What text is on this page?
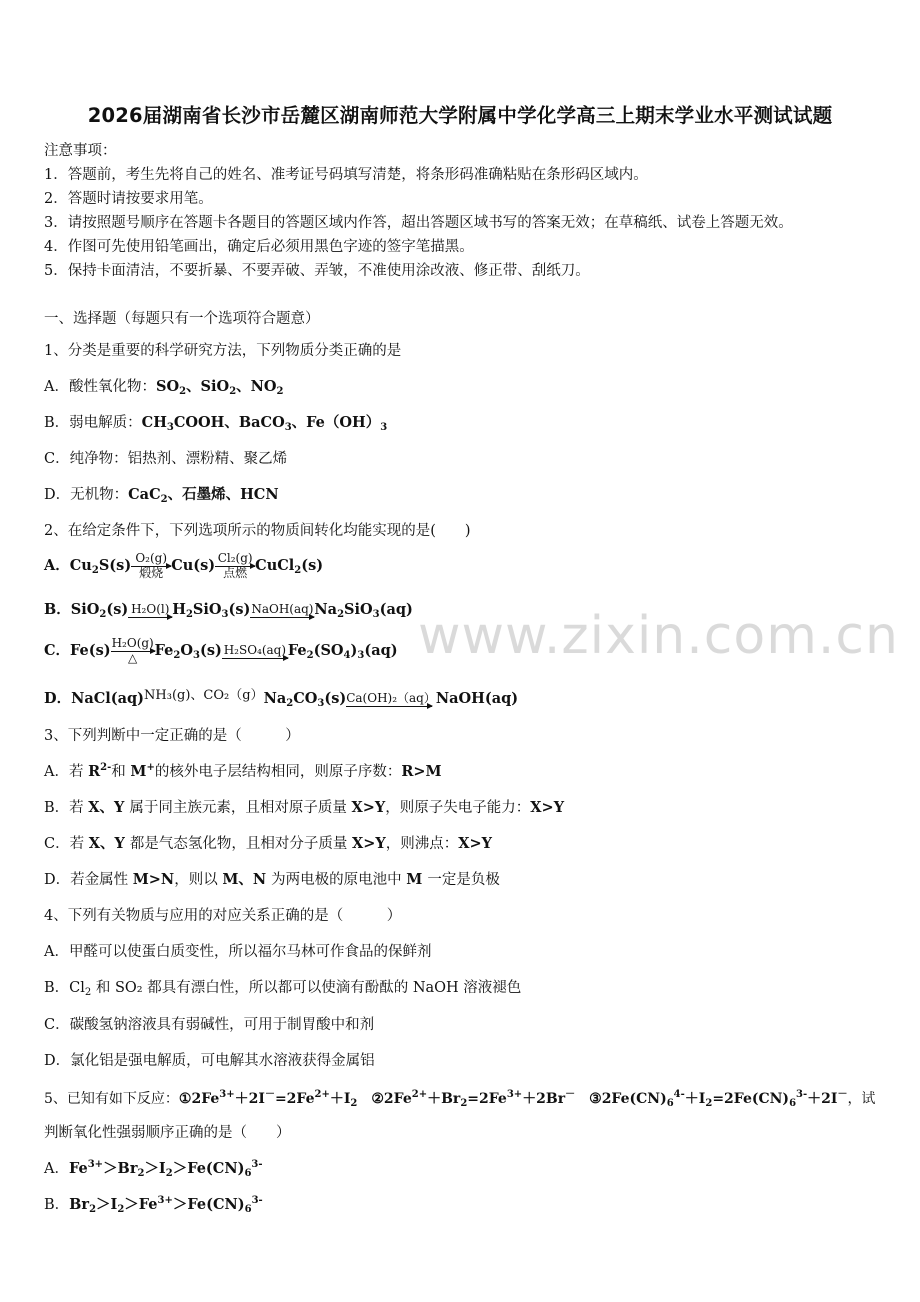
2026届湖南省长沙市岳麓区湖南师范大学附属中学化学高三上期末学业水平测试试题
注意事项：
1．答题前，考生先将自己的姓名、准考证号码填写清楚，将条形码准确粘贴在条形码区域内。
2．答题时请按要求用笔。
3．请按照题号顺序在答题卡各题目的答题区域内作答，超出答题区域书写的答案无效；在草稿纸、试卷上答题无效。
4．作图可先使用铅笔画出，确定后必须用黑色字迹的签字笔描黑。
5．保持卡面清洁，不要折暴、不要弄破、弄皱，不准使用涂改液、修正带、刮纸刀。
一、选择题（每题只有一个选项符合题意）
1、分类是重要的科学研究方法，下列物质分类正确的是
A．酸性氧化物：$SO_2$、SiO$_2$、$NO_2$
B．弱电解质：$CH_3COOH$、BaCO$_3$、$Fe(OH)_3$
C．纯净物：铝热剂、漂粉精、聚乙烯
D．无机物：CaC$_2$、石墨烯、HCN
2、在给定条件下，下列选项所示的物质间转化均能实现的是(　　)
A．$Cu_2S(s)$ O₂(g)
煅烧 Cu(s) Cl₂(g)
点燃 CuCl$_2$(s)
B．SiO$_2$(s) H₂O(l) $H_2SiO_3(s)$ NaOH(aq) $Na_2SiO_3(aq)$
C．Fe(s) H₂O(g)
△	$Fe_2O_3(s)$ H₂SO₄(aq) $Fe_2(SO_4)_3(aq)$
D．NaCl(aq)NH₃(g)、$CO_2(g)Na_2CO_3(s)$ Ca(OH)₂（aq） NaOH(aq)
3、下列判断中一定正确的是（　　　）
A．若 $R^{2-}$和 M+的核外电子层结构相同，则原子序数：R>M
B．若 X、Y 属于同主族元素，且相对原子质量 X>Y，则原子失电子能力：X>Y
C．若 X、Y 都是气态氢化物，且相对分子质量 X>Y，则沸点：X>Y
D．若金属性 M>N，则以 M、N 为两电极的原电池中 M 一定是负极
4、下列有关物质与应用的对应关系正确的是（　　　）
A．甲醛可以使蛋白质变性，所以福尔马林可作食品的保鲜剂
B．$Cl_2$ 和 SO₂ 都具有漂白性，所以都可以使滴有酚酞的 NaOH 溶液褪色
C．碳酸氢钠溶液具有弱碱性，可用于制胃酸中和剂
D．氯化铝是强电解质，可电解其水溶液获得金属铝
5、已知有如下反应：$①2Fe^{3+}+2I^-=2Fe^{2+}+I_2$　 $②2Fe^{2+}+Br_2=2Fe^{3+}+2Br^-$　 $③2Fe(CN)_6^{4-}+I_2=2Fe(CN)_6^{3-}+2I^-$，试
判断氧化性强弱顺序正确的是（　　）
A．$Fe^{3+}>Br_2>I_2>Fe(CN)_6^{3-}$
B．$Br_2>I_2>Fe^{3+}>Fe(CN)_6^{3-}$
www.zixin.com.cn
